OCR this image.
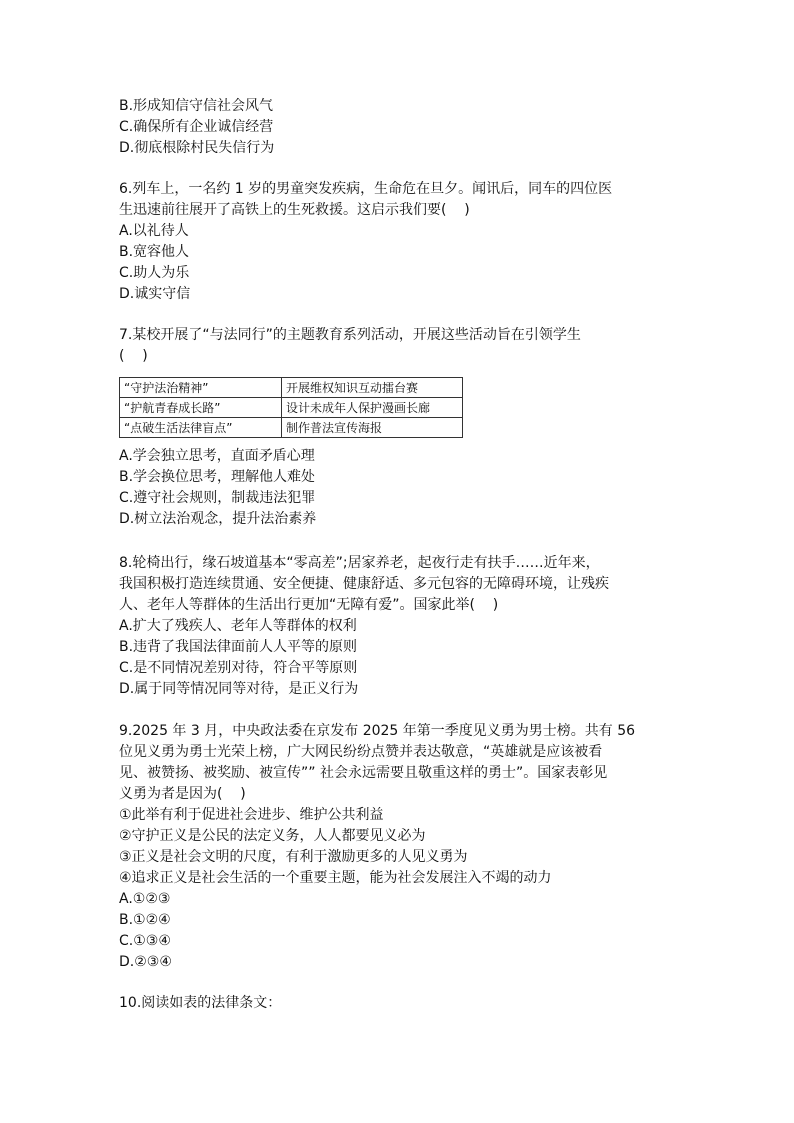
B.形成知信守信社会风气

C.确保所有企业诚信经营

D.彻底根除村民失信行为

6.列车上，一名约 1 岁的男童突发疾病，生命危在旦夕。闻讯后，同车的四位医

生迅速前往展开了高铁上的生死救援。这启示我们要(    )

A.以礼待人

B.宽容他人

C.助人为乐

D.诚实守信

7.某校开展了“与法同行”的主题教育系列活动，开展这些活动旨在引领学生

(    )

“守护法治精神”	开展维权知识互动擂台赛
“护航青春成长路”	设计未成年人保护漫画长廊
“点破生活法律盲点”	制作普法宣传海报

A.学会独立思考，直面矛盾心理

B.学会换位思考，理解他人难处

C.遵守社会规则，制裁违法犯罪

D.树立法治观念，提升法治素养

8.轮椅出行，缘石坡道基本“零高差”;居家养老，起夜行走有扶手……近年来，

我国积极打造连续贯通、安全便捷、健康舒适、多元包容的无障碍环境，让残疾

人、老年人等群体的生活出行更加“无障有爱”。国家此举(    )

A.扩大了残疾人、老年人等群体的权利

B.违背了我国法律面前人人平等的原则

C.是不同情况差别对待，符合平等原则

D.属于同等情况同等对待，是正义行为

9.2025 年 3 月，中央政法委在京发布 2025 年第一季度见义勇为男士榜。共有 56

位见义勇为勇士光荣上榜，广大网民纷纷点赞并表达敬意，“英雄就是应该被看

见、被赞扬、被奖励、被宣传”” 社会永远需要且敬重这样的勇士”。国家表彰见

义勇为者是因为(    )

①此举有利于促进社会进步、维护公共利益

②守护正义是公民的法定义务，人人都要见义必为

③正义是社会文明的尺度，有利于激励更多的人见义勇为

④追求正义是社会生活的一个重要主题，能为社会发展注入不竭的动力

A.①②③

B.①②④

C.①③④

D.②③④

10.阅读如表的法律条文：
